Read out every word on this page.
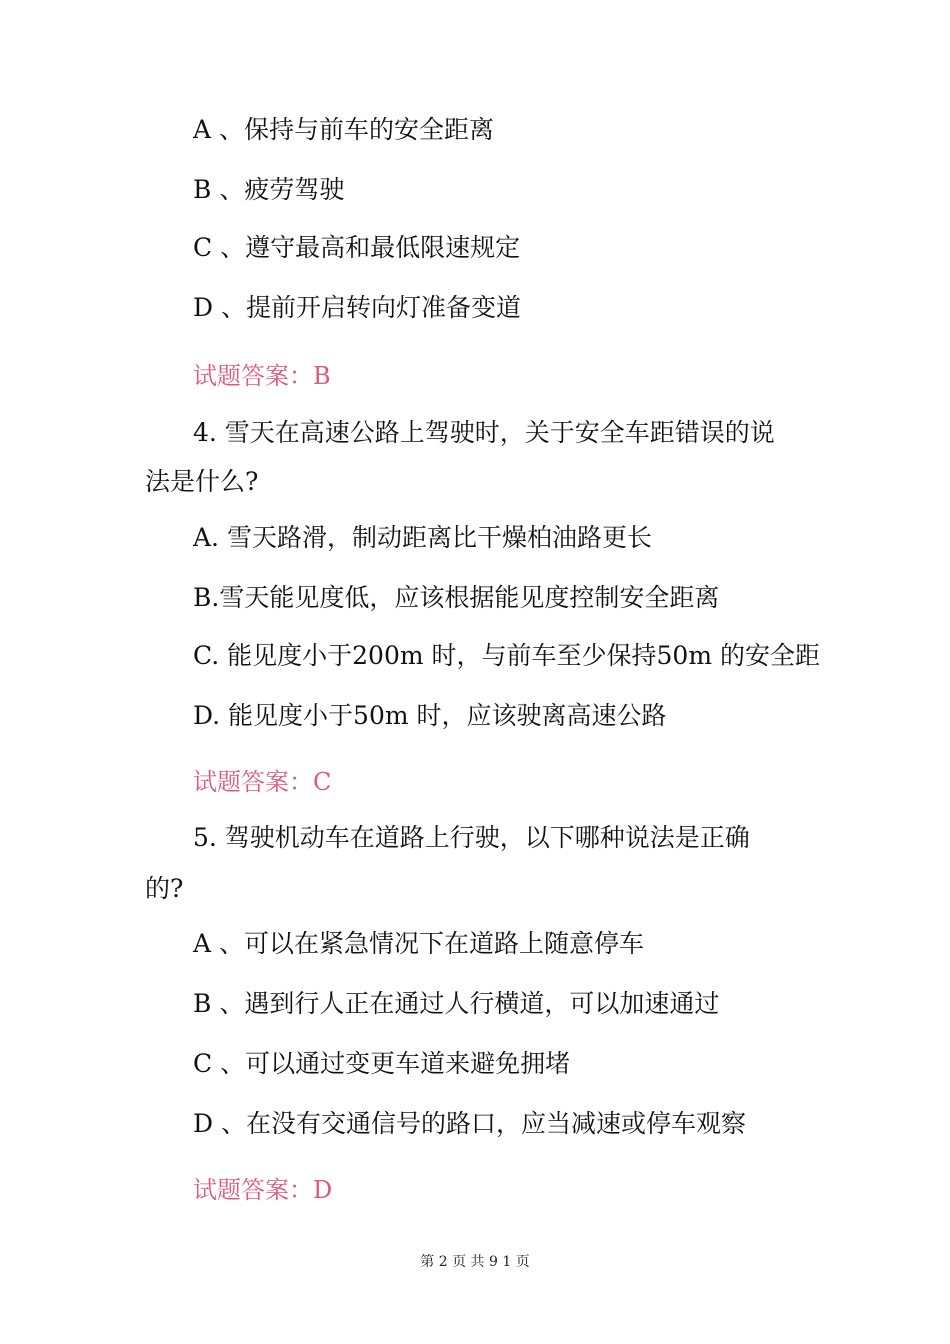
A 、保持与前车的安全距离
B 、疲劳驾驶
C 、遵守最高和最低限速规定
D 、提前开启转向灯准备变道
试题答案：B
4. 雪天在高速公路上驾驶时，关于安全车距错误的说
法是什么?
A. 雪天路滑，制动距离比干燥柏油路更长
B.雪天能见度低，应该根据能见度控制安全距离
C. 能见度小于200m 时，与前车至少保持50m 的安全距
D. 能见度小于50m 时，应该驶离高速公路
试题答案：C
5. 驾驶机动车在道路上行驶，以下哪种说法是正确
的?
A 、可以在紧急情况下在道路上随意停车
B 、遇到行人正在通过人行横道，可以加速通过
C 、可以通过变更车道来避免拥堵
D 、在没有交通信号的路口，应当减速或停车观察
试题答案：D
第 2 页 共 9 1 页
